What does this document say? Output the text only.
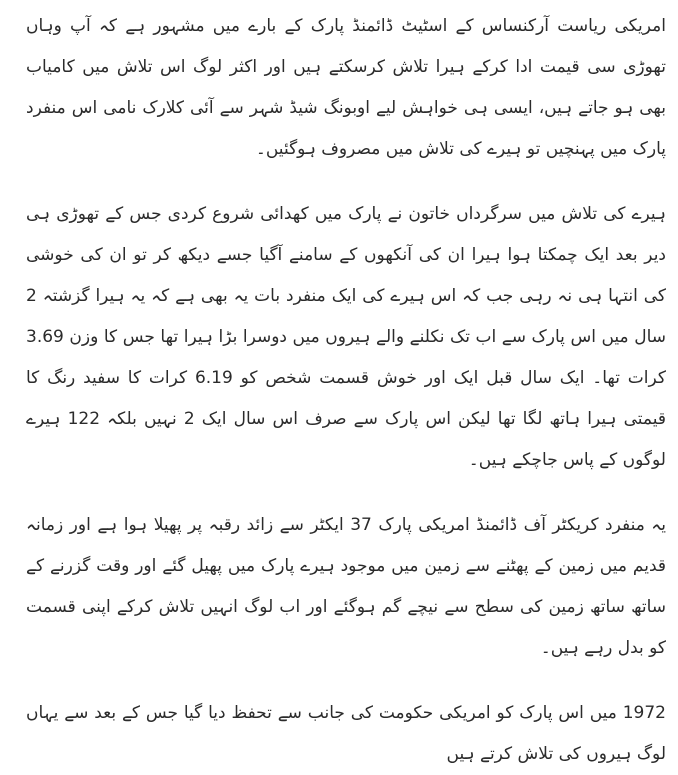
امریکی ریاست آرکنساس کے اسٹیٹ ڈائمنڈ پارک کے بارے میں مشہور ہے کہ آپ وہاں تھوڑی سی قیمت ادا کرکے ہیرا تلاش کرسکتے ہیں اور اکثر لوگ اس تلاش میں کامیاب بھی ہو جاتے ہیں، ایسی ہی خواہش لیے اوبونگ شیڈ شہر سے آئی کلارک نامی اس منفرد پارک میں پہنچیں تو ہیرے کی تلاش میں مصروف ہوگئیں۔

ہیرے کی تلاش میں سرگرداں خاتون نے پارک میں کھدائی شروع کردی جس کے تھوڑی ہی دیر بعد ایک چمکتا ہوا ہیرا ان کی آنکھوں کے سامنے آگیا جسے دیکھ کر تو ان کی خوشی کی انتہا ہی نہ رہی جب کہ اس ہیرے کی ایک منفرد بات یہ بھی ہے کہ یہ ہیرا گزشتہ 2 سال میں اس پارک سے اب تک نکلنے والے ہیروں میں دوسرا بڑا ہیرا تھا جس کا وزن 3.69 کرات تھا۔ ایک سال قبل ایک اور خوش قسمت شخص کو 6.19 کرات کا سفید رنگ کا قیمتی ہیرا ہاتھ لگا تھا لیکن اس پارک سے صرف اس سال ایک 2 نہیں بلکہ 122 ہیرے لوگوں کے پاس جاچکے ہیں۔

یہ منفرد کریکٹر آف ڈائمنڈ امریکی پارک 37 ایکٹر سے زائد رقبہ پر پھیلا ہوا ہے اور زمانہ قدیم میں زمین کے پھٹنے سے زمین میں موجود ہیرے پارک میں پھیل گئے اور وقت گزرنے کے ساتھ ساتھ زمین کی سطح سے نیچے گم ہوگئے اور اب لوگ انہیں تلاش کرکے اپنی قسمت کو بدل رہے ہیں۔

1972 میں اس پارک کو امریکی حکومت کی جانب سے تحفظ دیا گیا جس کے بعد سے یہاں لوگ ہیروں کی تلاش کرتے ہیں
